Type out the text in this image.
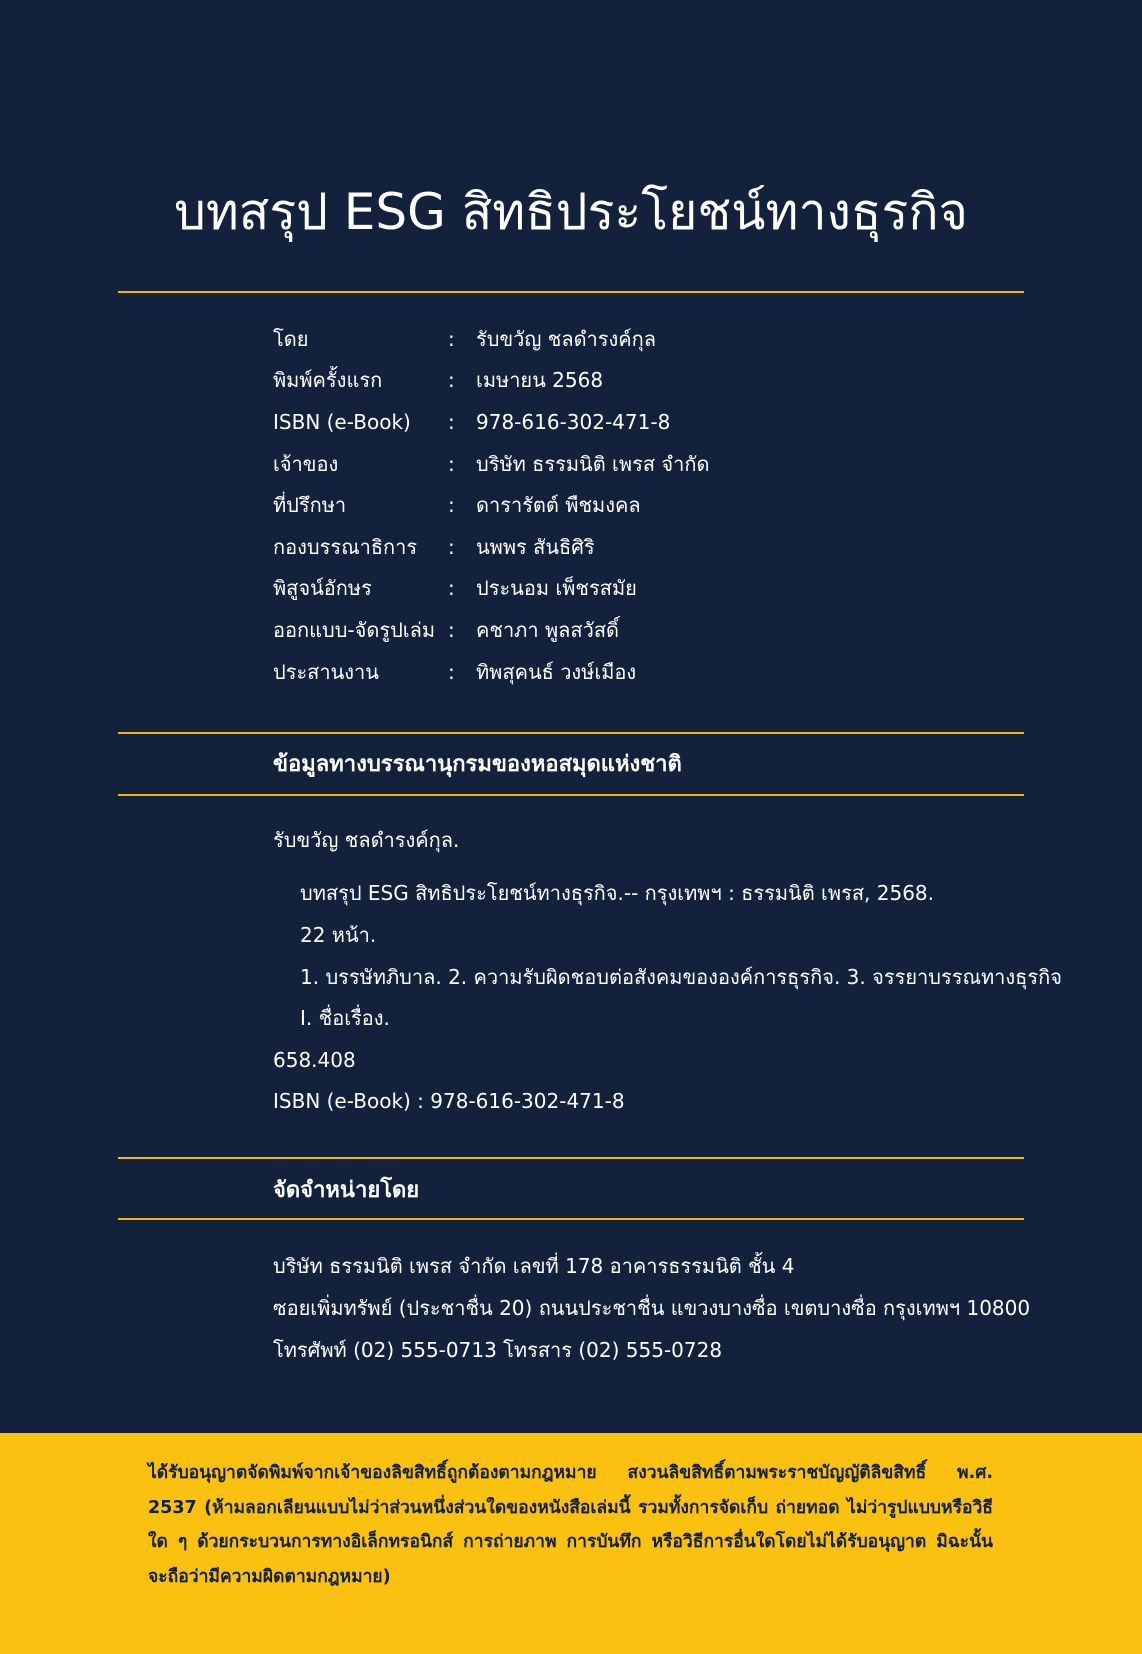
บทสรุป ESG สิทธิประโยชน์ทางธุรกิจ
โดย	:	รับขวัญ ชลดำรงค์กุล
พิมพ์ครั้งแรก	:	เมษายน 2568
ISBN (e-Book)	:	978-616-302-471-8
เจ้าของ	:	บริษัท ธรรมนิติ เพรส จำกัด
ที่ปรึกษา	:	ดารารัตต์ พืชมงคล
กองบรรณาธิการ	:	นพพร สันธิศิริ
พิสูจน์อักษร	:	ประนอม เพ็ชรสมัย
ออกแบบ-จัดรูปเล่ม :	คชาภา พูลสวัสดิ์
ประสานงาน	:	ทิพสุคนธ์ วงษ์เมือง
ข้อมูลทางบรรณานุกรมของหอสมุดแห่งชาติ
รับขวัญ ชลดำรงค์กุล.
บทสรุป ESG สิทธิประโยชน์ทางธุรกิจ.-- กรุงเทพฯ : ธรรมนิติ เพรส, 2568.
22 หน้า.
1. บรรษัทภิบาล. 2. ความรับผิดชอบต่อสังคมขององค์การธุรกิจ. 3. จรรยาบรรณทางธุรกิจ
I. ชื่อเรื่อง.
658.408
ISBN (e-Book) : 978-616-302-471-8
จัดจำหน่ายโดย
บริษัท ธรรมนิติ เพรส จำกัด เลขที่ 178 อาคารธรรมนิติ ชั้น 4
ซอยเพิ่มทรัพย์ (ประชาชื่น 20) ถนนประชาชื่น แขวงบางซื่อ เขตบางซื่อ กรุงเทพฯ 10800
โทรศัพท์ (02) 555-0713 โทรสาร (02) 555-0728

ได้รับอนุญาตจัดพิมพ์จากเจ้าของลิขสิทธิ์ถูกต้องตามกฎหมาย สงวนลิขสิทธิ์ตามพระราชบัญญัติลิขสิทธิ์ พ.ศ. 2537 (ห้ามลอกเลียนแบบไม่ว่าส่วนหนึ่งส่วนใดของหนังสือเล่มนี้ รวมทั้งการจัดเก็บ ถ่ายทอด ไม่ว่ารูปแบบหรือวิธีใด ๆ ด้วยกระบวนการทางอิเล็กทรอนิกส์ การถ่ายภาพ การบันทึก หรือวิธีการอื่นใดโดยไม่ได้รับอนุญาต มิฉะนั้น จะถือว่ามีความผิดตามกฎหมาย)
